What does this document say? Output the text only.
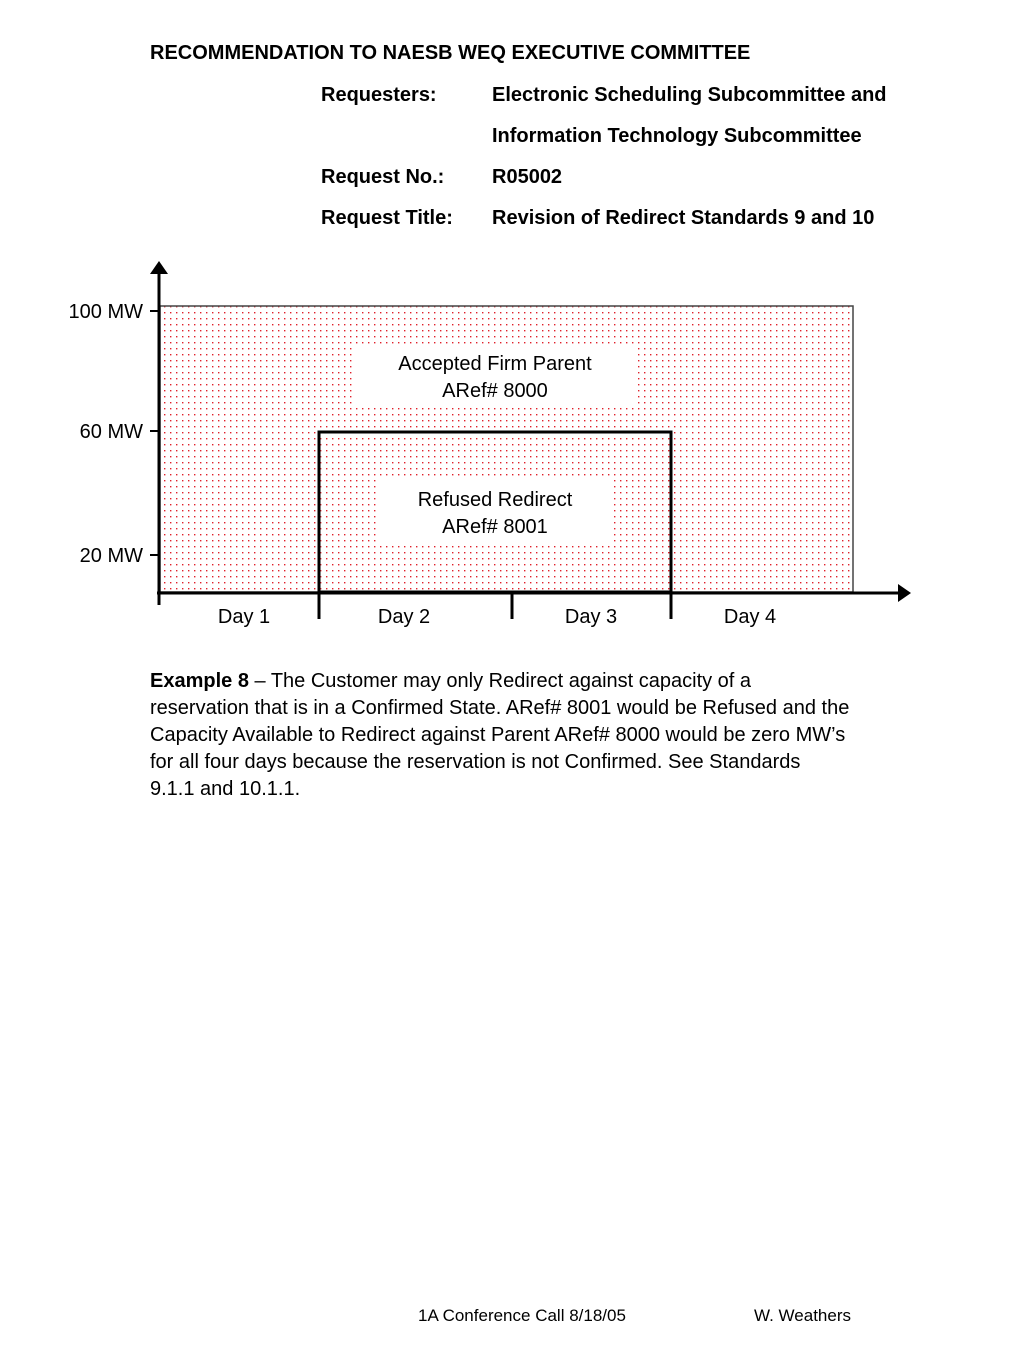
RECOMMENDATION TO NAESB WEQ EXECUTIVE COMMITTEE
Requesters:	Electronic Scheduling Subcommittee and
Information Technology Subcommittee
Request No.: R05002
Request Title: Revision of Redirect Standards 9 and 10
Accepted Firm Parent
ARef# 8000
Refused Redirect
ARef# 8001
100 MW
60 MW
20 MW
Day 1	Day 2	Day 3	Day 4

Example 8 – The Customer may only Redirect against capacity of a reservation that is in a Confirmed State. ARef# 8001 would be Refused and the Capacity Available to Redirect against Parent ARef# 8000 would be zero MW’s for all four days because the reservation is not Confirmed. See Standards 9.1.1 and 10.1.1.

1A Conference Call 8/18/05	W. Weathers
